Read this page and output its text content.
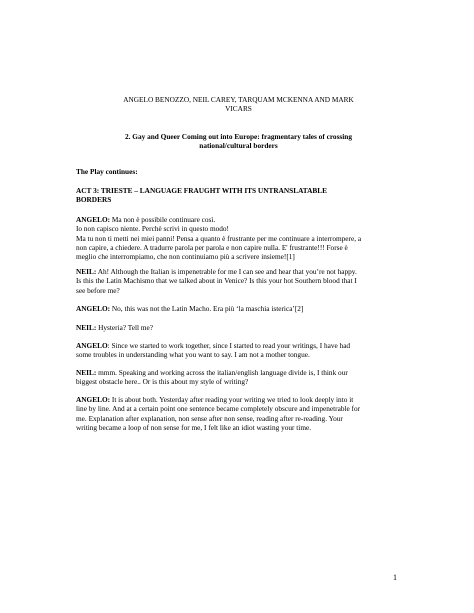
ANGELO BENOZZO, NEIL CAREY, TARQUAM MCKENNA AND MARK
VICARS
2. Gay and Queer Coming out into Europe: fragmentary tales of crossing
national/cultural borders
The Play continues:
ACT 3: TRIESTE – LANGUAGE FRAUGHT WITH ITS UNTRANSLATABLE
BORDERS
ANGELO: Ma non è possibile continuare così.
Io non capisco niente. Perchè scrivi in questo modo!
Ma tu non ti metti nei miei panni! Pensa a quanto è frustrante per me continuare a interrompere, a
non capire, a chiedere. A tradurre parola per parola e non capire nulla. E' frustrante!!! Forse è
meglio che interrompiamo, che non continuiamo più a scrivere insieme![1]
NEIL: Ah! Although the Italian is impenetrable for me I can see and hear that you’re not happy.
Is this the Latin Machismo that we talked about in Venice? Is this your hot Southern blood that I
see before me?
ANGELO: No, this was not the Latin Macho. Era più ‘la maschia isterica’[2]
NEIL: Hysteria? Tell me?
ANGELO: Since we started to work together, since I started to read your writings, I have had
some troubles in understanding what you want to say. I am not a mother tongue.
NEIL: mmm. Speaking and working across the italian/english language divide is, I think our
biggest obstacle here.. Or is this about my style of writing?
ANGELO: It is about both. Yesterday after reading your writing we tried to look deeply into it
line by line. And at a certain point one sentence became completely obscure and impenetrable for
me. Explanation after explanation, non sense after non sense, reading after re-reading. Your
writing became a loop of non sense for me, I felt like an idiot wasting your time.
1
